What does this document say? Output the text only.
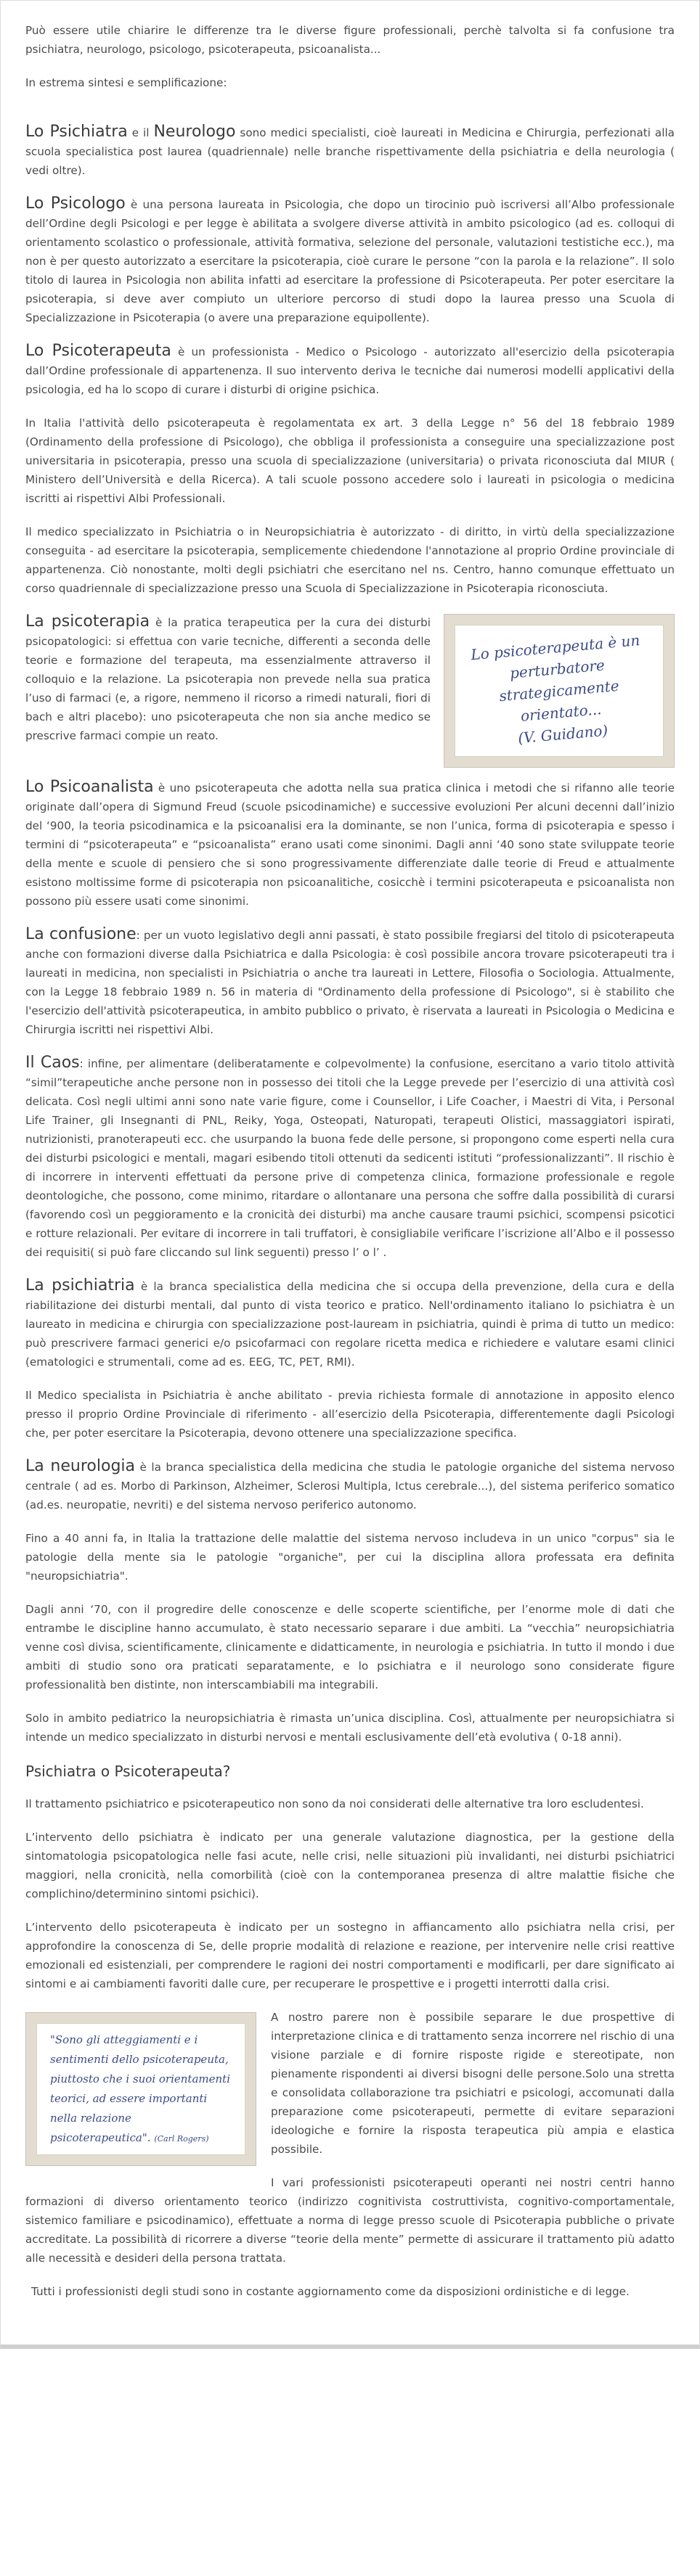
Può essere utile chiarire le differenze tra le diverse figure professionali, perchè talvolta si fa confusione tra psichiatra, neurologo, psicologo, psicoterapeuta, psicoanalista...

In estrema sintesi e semplificazione:

Lo Psichiatra e il Neurologo sono medici specialisti, cioè laureati in Medicina e Chirurgia, perfezionati alla scuola specialistica post laurea (quadriennale) nelle branche rispettivamente della psichiatria e della neurologia ( vedi oltre).

Lo Psicologo è una persona laureata in Psicologia, che dopo un tirocinio può iscriversi all’Albo professionale dell’Ordine degli Psicologi e per legge è abilitata a svolgere diverse attività in ambito psicologico (ad es. colloqui di orientamento scolastico o professionale, attività formativa, selezione del personale, valutazioni testistiche ecc.), ma non è per questo autorizzato a esercitare la psicoterapia, cioè curare le persone “con la parola e la relazione”. Il solo titolo di laurea in Psicologia non abilita infatti ad esercitare la professione di Psicoterapeuta. Per poter esercitare la psicoterapia, si deve aver compiuto un ulteriore percorso di studi dopo la laurea presso una Scuola di Specializzazione in Psicoterapia (o avere una preparazione equipollente).

Lo Psicoterapeuta è un professionista - Medico o Psicologo - autorizzato all'esercizio della psicoterapia dall’Ordine professionale di appartenenza. Il suo intervento deriva le tecniche dai numerosi modelli applicativi della psicologia, ed ha lo scopo di curare i disturbi di origine psichica.

In Italia l'attività dello psicoterapeuta è regolamentata ex art. 3 della Legge n° 56 del 18 febbraio 1989 (Ordinamento della professione di Psicologo), che obbliga il professionista a conseguire una specializzazione post universitaria in psicoterapia, presso una scuola di specializzazione (universitaria) o privata riconosciuta dal MIUR ( Ministero dell’Università e della Ricerca). A tali scuole possono accedere solo i laureati in psicologia o medicina iscritti ai rispettivi Albi Professionali.

Il medico specializzato in Psichiatria o in Neuropsichiatria è autorizzato - di diritto, in virtù della specializzazione conseguita - ad esercitare la psicoterapia, semplicemente chiedendone l'annotazione al proprio Ordine provinciale di appartenenza. Ciò nonostante, molti degli psichiatri che esercitano nel ns. Centro, hanno comunque effettuato un corso quadriennale di specializzazione presso una Scuola di Specializzazione in Psicoterapia riconosciuta.

Lo psicoterapeuta è un
perturbatore
strategicamente orientato...
(V. Guidano)

La psicoterapia è la pratica terapeutica per la cura dei disturbi psicopatologici: si effettua con varie tecniche, differenti a seconda delle teorie e formazione del terapeuta, ma essenzialmente attraverso il colloquio e la relazione. La psicoterapia non prevede nella sua pratica l’uso di farmaci (e, a rigore, nemmeno il ricorso a rimedi naturali, fiori di bach e altri placebo): uno psicoterapeuta che non sia anche medico se prescrive farmaci compie un reato.

Lo Psicoanalista è uno psicoterapeuta che adotta nella sua pratica clinica i metodi che si rifanno alle teorie originate dall’opera di Sigmund Freud (scuole psicodinamiche) e successive evoluzioni Per alcuni decenni dall’inizio del ‘900, la teoria psicodinamica e la psicoanalisi era la dominante, se non l’unica, forma di psicoterapia e spesso i termini di “psicoterapeuta” e “psicoanalista” erano usati come sinonimi. Dagli anni ‘40 sono state sviluppate teorie della mente e scuole di pensiero che si sono progressivamente differenziate dalle teorie di Freud e attualmente esistono moltissime forme di psicoterapia non psicoanalitiche, cosicchè i termini psicoterapeuta e psicoanalista non possono più essere usati come sinonimi.

La confusione: per un vuoto legislativo degli anni passati, è stato possibile fregiarsi del titolo di psicoterapeuta anche con formazioni diverse dalla Psichiatrica e dalla Psicologia: è così possibile ancora trovare psicoterapeuti tra i laureati in medicina, non specialisti in Psichiatria o anche tra laureati in Lettere, Filosofia o Sociologia. Attualmente, con la Legge 18 febbraio 1989 n. 56 in materia di "Ordinamento della professione di Psicologo", si è stabilito che l'esercizio dell'attività psicoterapeutica, in ambito pubblico o privato, è riservata a laureati in Psicologia o Medicina e Chirurgia iscritti nei rispettivi Albi.

Il Caos: infine, per alimentare (deliberatamente e colpevolmente) la confusione, esercitano a vario titolo attività “simil”terapeutiche anche persone non in possesso dei titoli che la Legge prevede per l’esercizio di una attività così delicata. Così negli ultimi anni sono nate varie figure, come i Counsellor, i Life Coacher, i Maestri di Vita, i Personal Life Trainer, gli Insegnanti di PNL, Reiky, Yoga, Osteopati, Naturopati, terapeuti Olistici, massaggiatori ispirati, nutrizionisti, pranoterapeuti ecc. che usurpando la buona fede delle persone, si propongono come esperti nella cura dei disturbi psicologici e mentali, magari esibendo titoli ottenuti da sedicenti istituti “professionalizzanti”. Il rischio è di incorrere in interventi effettuati da persone prive di competenza clinica, formazione professionale e regole deontologiche, che possono, come minimo, ritardare o allontanare una persona che soffre dalla possibilità di curarsi (favorendo così un peggioramento e la cronicità dei disturbi) ma anche causare traumi psichici, scompensi psicotici e rotture relazionali. Per evitare di incorrere in tali truffatori, è consigliabile verificare l’iscrizione all’Albo e il possesso dei requisiti( si può fare cliccando sul link seguenti) presso l’ o l’ .

La psichiatria è la branca specialistica della medicina che si occupa della prevenzione, della cura e della riabilitazione dei disturbi mentali, dal punto di vista teorico e pratico. Nell'ordinamento italiano lo psichiatra è un laureato in medicina e chirurgia con specializzazione post-lauream in psichiatria, quindi è prima di tutto un medico: può prescrivere farmaci generici e/o psicofarmaci con regolare ricetta medica e richiedere e valutare esami clinici (ematologici e strumentali, come ad es. EEG, TC, PET, RMI).

Il Medico specialista in Psichiatria è anche abilitato - previa richiesta formale di annotazione in apposito elenco presso il proprio Ordine Provinciale di riferimento - all’esercizio della Psicoterapia, differentemente dagli Psicologi che, per poter esercitare la Psicoterapia, devono ottenere una specializzazione specifica.

La neurologia è la branca specialistica della medicina che studia le patologie organiche del sistema nervoso centrale ( ad es. Morbo di Parkinson, Alzheimer, Sclerosi Multipla, Ictus cerebrale...), del sistema periferico somatico (ad.es. neuropatie, nevriti) e del sistema nervoso periferico autonomo.

Fino a 40 anni fa, in Italia la trattazione delle malattie del sistema nervoso includeva in un unico "corpus" sia le patologie della mente sia le patologie "organiche", per cui la disciplina allora professata era definita "neuropsichiatria".

Dagli anni ‘70, con il progredire delle conoscenze e delle scoperte scientifiche, per l’enorme mole di dati che entrambe le discipline hanno accumulato, è stato necessario separare i due ambiti. La “vecchia” neuropsichiatria venne così divisa, scientificamente, clinicamente e didatticamente, in neurologia e psichiatria. In tutto il mondo i due ambiti di studio sono ora praticati separatamente, e lo psichiatra e il neurologo sono considerate figure professionalità ben distinte, non interscambiabili ma integrabili.

Solo in ambito pediatrico la neuropsichiatria è rimasta un’unica disciplina. Così, attualmente per neuropsichiatra si intende un medico specializzato in disturbi nervosi e mentali esclusivamente dell’età evolutiva ( 0-18 anni).

Psichiatra o Psicoterapeuta?

Il trattamento psichiatrico e psicoterapeutico non sono da noi considerati delle alternative tra loro escludentesi.

L’intervento dello psichiatra è indicato per una generale valutazione diagnostica, per la gestione della sintomatologia psicopatologica nelle fasi acute, nelle crisi, nelle situazioni più invalidanti, nei disturbi psichiatrici maggiori, nella cronicità, nella comorbilità (cioè con la contemporanea presenza di altre malattie fisiche che complichino/determinino sintomi psichici).

L’intervento dello psicoterapeuta è indicato per un sostegno in affiancamento allo psichiatra nella crisi, per approfondire la conoscenza di Se, delle proprie modalità di relazione e reazione, per intervenire nelle crisi reattive emozionali ed esistenziali, per comprendere le ragioni dei nostri comportamenti e modificarli, per dare significato ai sintomi e ai cambiamenti favoriti dalle cure, per recuperare le prospettive e i progetti interrotti dalla crisi.

"Sono gli atteggiamenti e i sentimenti dello psicoterapeuta, piuttosto che i suoi orientamenti teorici, ad essere importanti nella relazione psicoterapeutica". (Carl Rogers)

A nostro parere non è possibile separare le due prospettive di interpretazione clinica e di trattamento senza incorrere nel rischio di una visione parziale e di fornire risposte rigide e stereotipate, non pienamente rispondenti ai diversi bisogni delle persone.Solo una stretta e consolidata collaborazione tra psichiatri e psicologi, accomunati dalla preparazione come psicoterapeuti, permette di evitare separazioni ideologiche e fornire la risposta terapeutica più ampia e elastica possibile.

I vari professionisti psicoterapeuti operanti nei nostri centri hanno formazioni di diverso orientamento teorico (indirizzo cognitivista costruttivista, cognitivo-comportamentale, sistemico familiare e psicodinamico), effettuate a norma di legge presso scuole di Psicoterapia pubbliche o private accreditate. La possibilità di ricorrere a diverse “teorie della mente” permette di assicurare il trattamento più adatto alle necessità e desideri della persona trattata.

Tutti i professionisti degli studi sono in costante aggiornamento come da disposizioni ordinistiche e di legge.
